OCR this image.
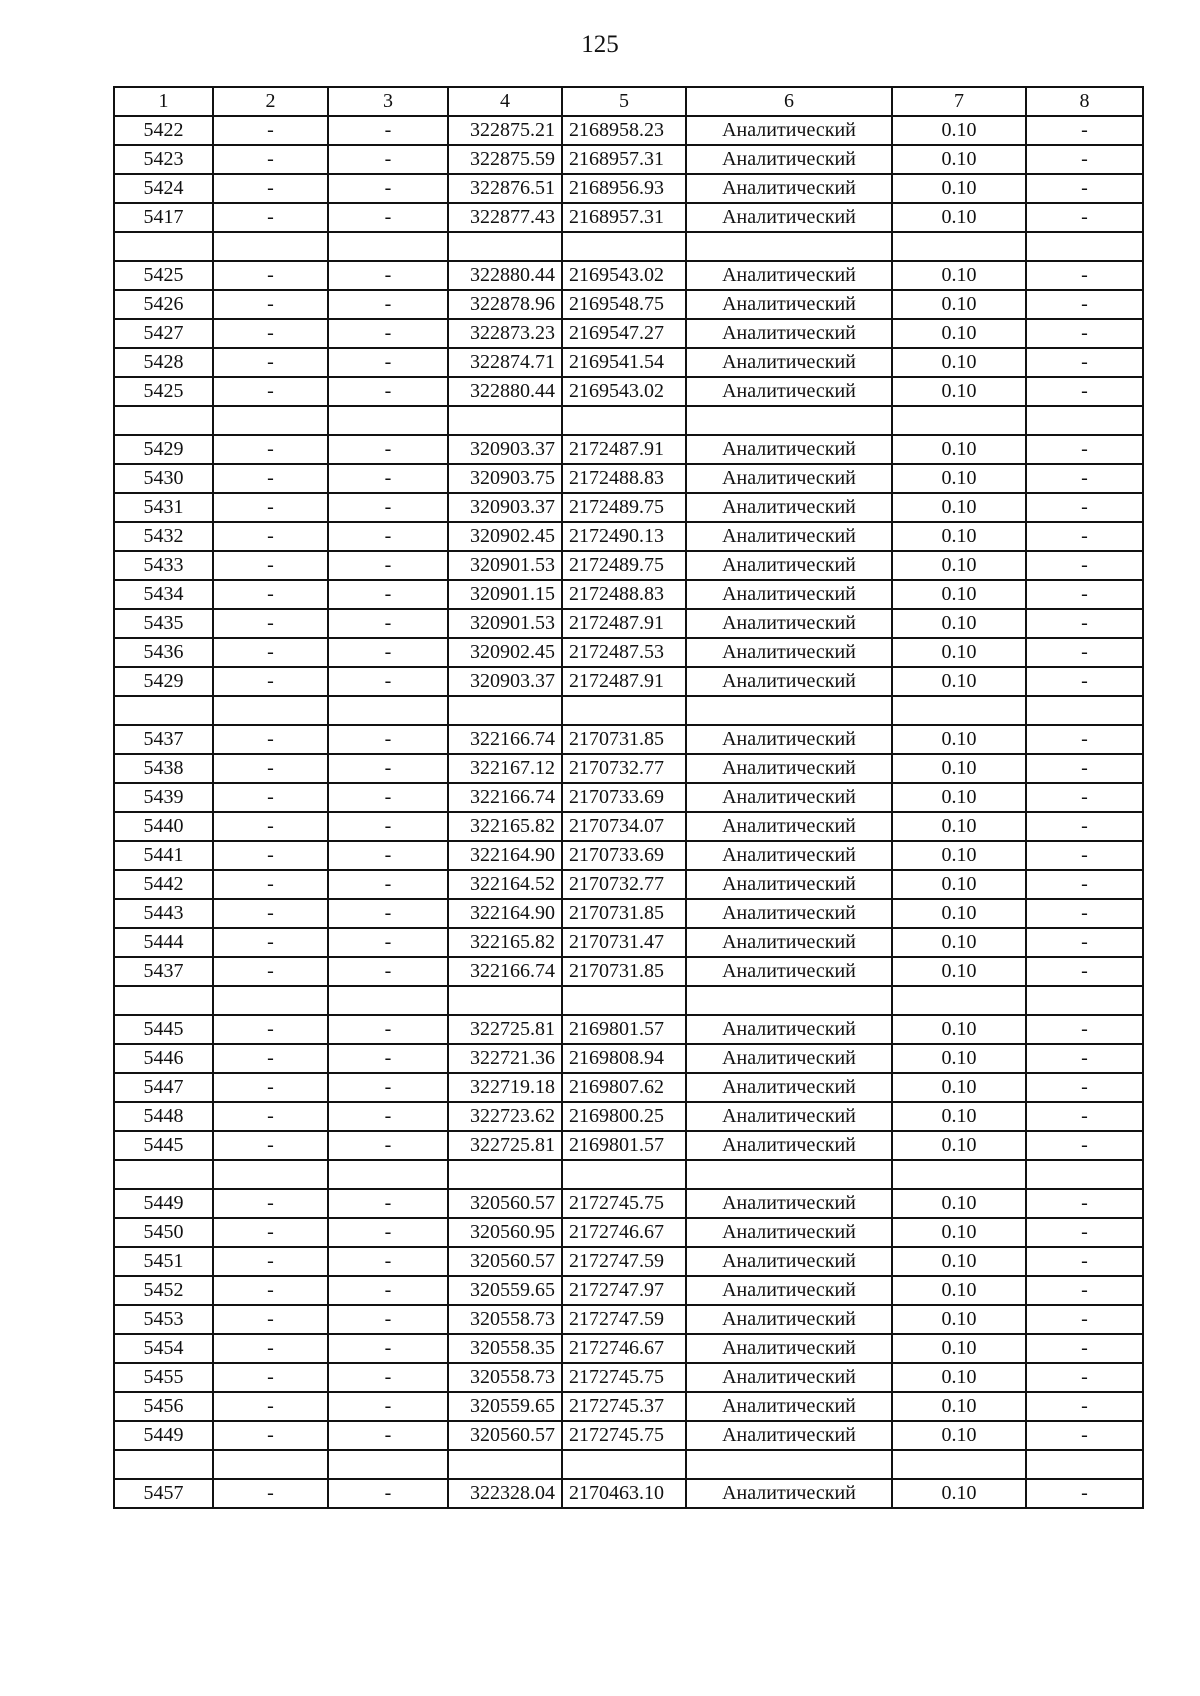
125
1	2	3	4	5	6	7	8
5422	-	-	322875.21	2168958.23	Аналитический	0.10	-
5423	-	-	322875.59	2168957.31	Аналитический	0.10	-
5424	-	-	322876.51	2168956.93	Аналитический	0.10	-
5417	-	-	322877.43	2168957.31	Аналитический	0.10	-

5425	-	-	322880.44	2169543.02	Аналитический	0.10	-
5426	-	-	322878.96	2169548.75	Аналитический	0.10	-
5427	-	-	322873.23	2169547.27	Аналитический	0.10	-
5428	-	-	322874.71	2169541.54	Аналитический	0.10	-
5425	-	-	322880.44	2169543.02	Аналитический	0.10	-

5429	-	-	320903.37	2172487.91	Аналитический	0.10	-
5430	-	-	320903.75	2172488.83	Аналитический	0.10	-
5431	-	-	320903.37	2172489.75	Аналитический	0.10	-
5432	-	-	320902.45	2172490.13	Аналитический	0.10	-
5433	-	-	320901.53	2172489.75	Аналитический	0.10	-
5434	-	-	320901.15	2172488.83	Аналитический	0.10	-
5435	-	-	320901.53	2172487.91	Аналитический	0.10	-
5436	-	-	320902.45	2172487.53	Аналитический	0.10	-
5429	-	-	320903.37	2172487.91	Аналитический	0.10	-

5437	-	-	322166.74	2170731.85	Аналитический	0.10	-
5438	-	-	322167.12	2170732.77	Аналитический	0.10	-
5439	-	-	322166.74	2170733.69	Аналитический	0.10	-
5440	-	-	322165.82	2170734.07	Аналитический	0.10	-
5441	-	-	322164.90	2170733.69	Аналитический	0.10	-
5442	-	-	322164.52	2170732.77	Аналитический	0.10	-
5443	-	-	322164.90	2170731.85	Аналитический	0.10	-
5444	-	-	322165.82	2170731.47	Аналитический	0.10	-
5437	-	-	322166.74	2170731.85	Аналитический	0.10	-

5445	-	-	322725.81	2169801.57	Аналитический	0.10	-
5446	-	-	322721.36	2169808.94	Аналитический	0.10	-
5447	-	-	322719.18	2169807.62	Аналитический	0.10	-
5448	-	-	322723.62	2169800.25	Аналитический	0.10	-
5445	-	-	322725.81	2169801.57	Аналитический	0.10	-

5449	-	-	320560.57	2172745.75	Аналитический	0.10	-
5450	-	-	320560.95	2172746.67	Аналитический	0.10	-
5451	-	-	320560.57	2172747.59	Аналитический	0.10	-
5452	-	-	320559.65	2172747.97	Аналитический	0.10	-
5453	-	-	320558.73	2172747.59	Аналитический	0.10	-
5454	-	-	320558.35	2172746.67	Аналитический	0.10	-
5455	-	-	320558.73	2172745.75	Аналитический	0.10	-
5456	-	-	320559.65	2172745.37	Аналитический	0.10	-
5449	-	-	320560.57	2172745.75	Аналитический	0.10	-

5457	-	-	322328.04	2170463.10	Аналитический	0.10	-
